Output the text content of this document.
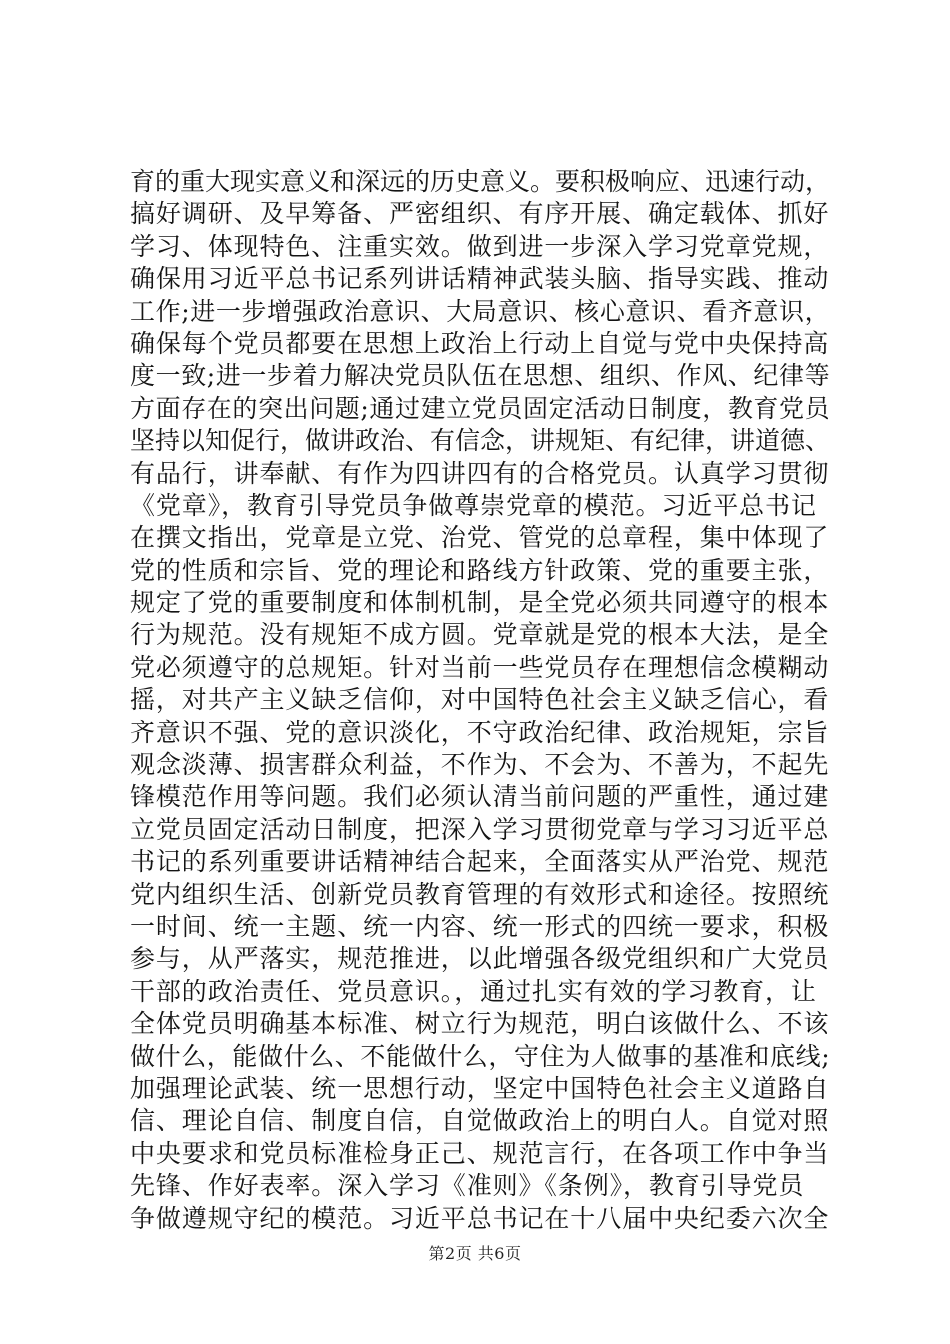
育的重大现实意义和深远的历史意义。要积极响应、迅速行动，
搞好调研、及早筹备、严密组织、有序开展、确定载体、抓好
学习、体现特色、注重实效。做到进一步深入学习党章党规，
确保用习近平总书记系列讲话精神武装头脑、指导实践、推动
工作;进一步增强政治意识、大局意识、核心意识、看齐意识，
确保每个党员都要在思想上政治上行动上自觉与党中央保持高
度一致;进一步着力解决党员队伍在思想、组织、作风、纪律等
方面存在的突出问题;通过建立党员固定活动日制度，教育党员
坚持以知促行，做讲政治、有信念，讲规矩、有纪律，讲道德、
有品行，讲奉献、有作为四讲四有的合格党员。认真学习贯彻
《党章》，教育引导党员争做尊崇党章的模范。习近平总书记
在撰文指出，党章是立党、治党、管党的总章程，集中体现了
党的性质和宗旨、党的理论和路线方针政策、党的重要主张，
规定了党的重要制度和体制机制，是全党必须共同遵守的根本
行为规范。没有规矩不成方圆。党章就是党的根本大法，是全
党必须遵守的总规矩。针对当前一些党员存在理想信念模糊动
摇，对共产主义缺乏信仰，对中国特色社会主义缺乏信心，看
齐意识不强、党的意识淡化，不守政治纪律、政治规矩，宗旨
观念淡薄、损害群众利益，不作为、不会为、不善为，不起先
锋模范作用等问题。我们必须认清当前问题的严重性，通过建
立党员固定活动日制度，把深入学习贯彻党章与学习习近平总
书记的系列重要讲话精神结合起来，全面落实从严治党、规范
党内组织生活、创新党员教育管理的有效形式和途径。按照统
一时间、统一主题、统一内容、统一形式的四统一要求，积极
参与，从严落实，规范推进，以此增强各级党组织和广大党员
干部的政治责任、党员意识。，通过扎实有效的学习教育，让
全体党员明确基本标准、树立行为规范，明白该做什么、不该
做什么，能做什么、不能做什么，守住为人做事的基准和底线;
加强理论武装、统一思想行动，坚定中国特色社会主义道路自
信、理论自信、制度自信，自觉做政治上的明白人。自觉对照
中央要求和党员标准检身正己、规范言行，在各项工作中争当
先锋、作好表率。深入学习《准则》《条例》，教育引导党员
争做遵规守纪的模范。习近平总书记在十八届中央纪委六次全
第2页 共6页
